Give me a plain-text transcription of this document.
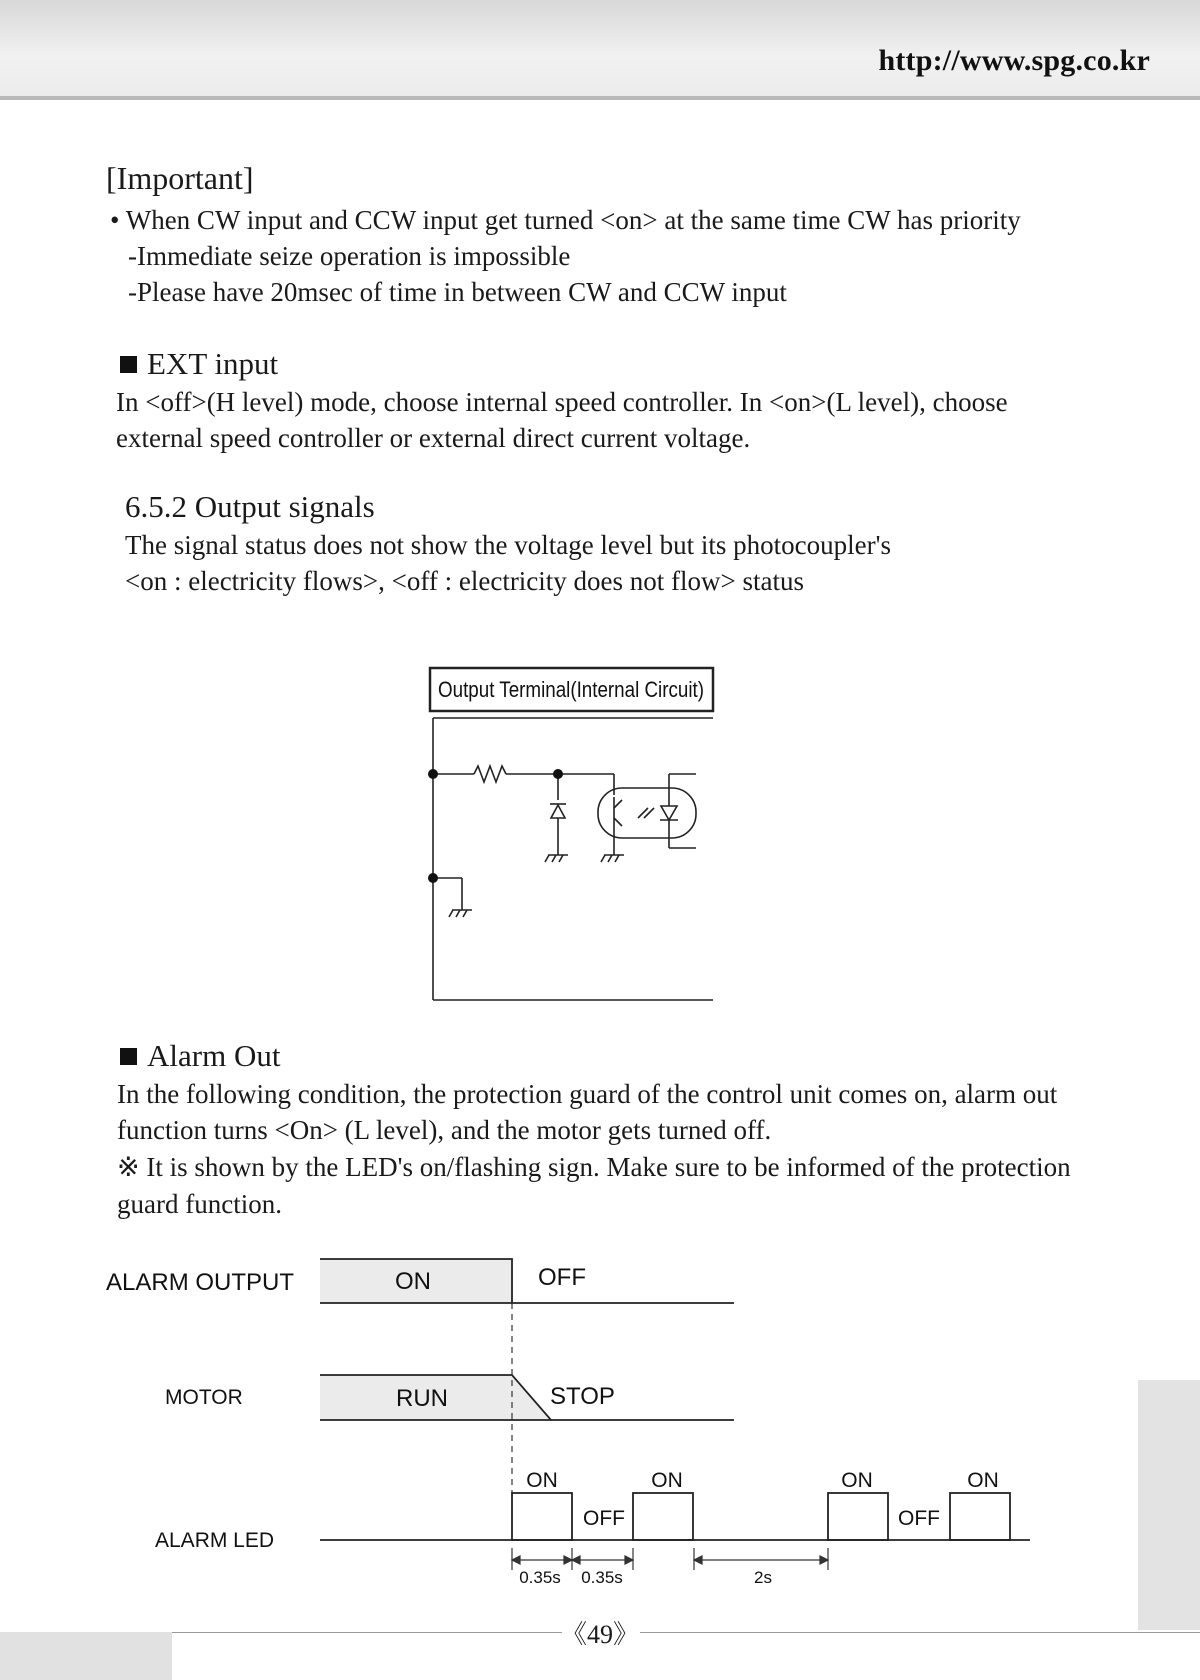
http://www.spg.co.kr
[Important]
• When CW input and CCW input get turned <on> at the same time CW has priority
-Immediate seize operation is impossible
-Please have 20msec of time in between CW and CCW input
EXT input
In <off>(H level) mode, choose internal speed controller. In <on>(L level), choose
external speed controller or external direct current voltage.
6.5.2 Output signals
The signal status does not show the voltage level but its photocoupler's
<on : electricity flows>, <off : electricity does not flow> status
Output Terminal(Internal Circuit)
Alarm Out
In the following condition, the protection guard of the control unit comes on, alarm out
function turns <On> (L level), and the motor gets turned off.
※ It is shown by the LED's on/flashing sign. Make sure to be informed of the protection
guard function.
ALARM OUTPUT	ON	OFF
MOTOR	RUN	STOP
ALARM LED
ON	ON	ON	ON
OFF	OFF
0.35s 0.35s	2s
《49》
